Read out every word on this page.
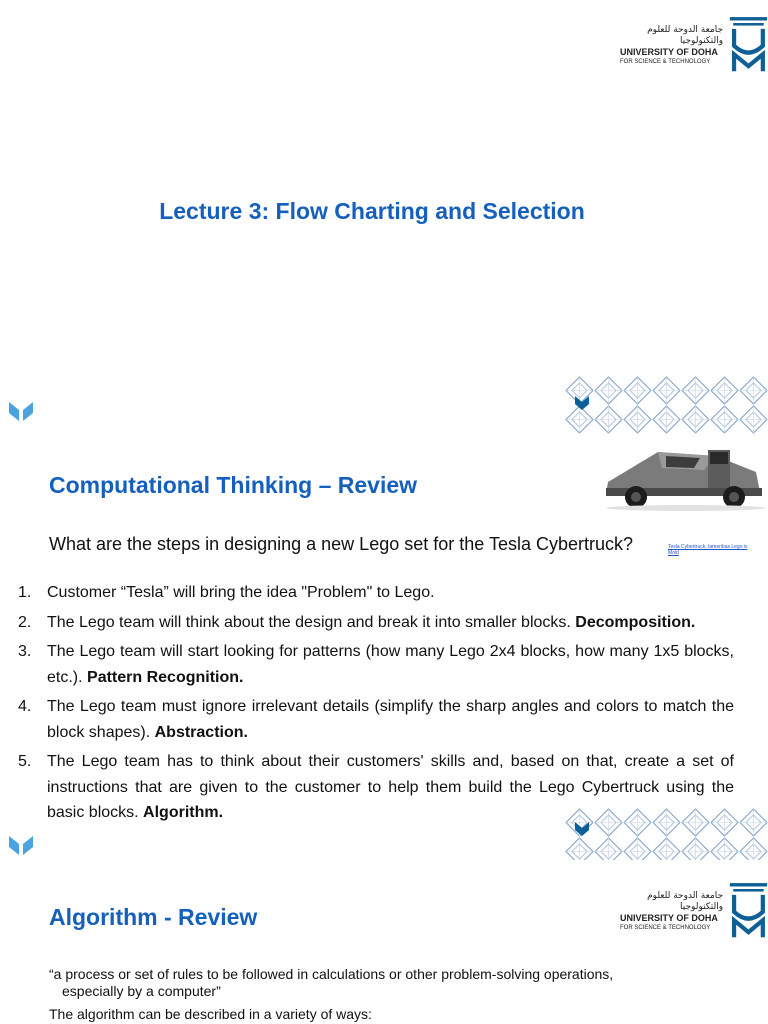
جامعة الدوحة للعلوم والتكنولوجيا
UNIVERSITY OF DOHA
FOR SCIENCE & TECHNOLOGY
Lecture 3: Flow Charting and Selection
Computational Thinking – Review
Tesla Cybertruck, tamenbas Lego is Mold

What are the steps in designing a new Lego set for the Tesla Cybertruck?

1. Customer “Tesla” will bring the idea "Problem" to Lego.
2. The Lego team will think about the design and break it into smaller blocks. Decomposition.
3. The Lego team will start looking for patterns (how many Lego 2x4 blocks, how many 1x5 blocks, etc.). Pattern Recognition.
4. The Lego team must ignore irrelevant details (simplify the sharp angles and colors to match the block shapes). Abstraction.
5. The Lego team has to think about their customers' skills and, based on that, create a set of instructions that are given to the customer to help them build the Lego Cybertruck using the basic blocks. Algorithm.
جامعة الدوحة للعلوم والتكنولوجيا
UNIVERSITY OF DOHA
FOR SCIENCE & TECHNOLOGY
Algorithm - Review

“a process or set of rules to be followed in calculations or other problem-solving operations,
especially by a computer”

The algorithm can be described in a variety of ways:
